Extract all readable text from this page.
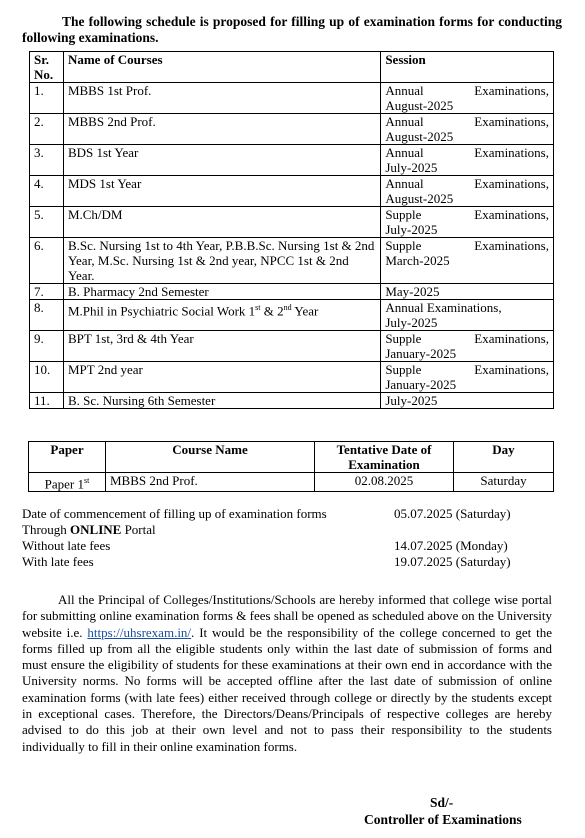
The following schedule is proposed for filling up of examination forms for conducting following examinations.
Sr. No.	Name of Courses	Session
1.	MBBS 1st Prof.	Annual Examinations,
August-2025

2.	MBBS 2nd Prof.	Annual Examinations,
August-2025

3.	BDS 1st Year	Annual Examinations,
July-2025

4.	MDS 1st Year	Annual Examinations,
August-2025

5.	M.Ch/DM	Supple Examinations,
July-2025

6.	B.Sc. Nursing 1st to 4th Year, P.B.B.Sc. Nursing 1st & 2nd Year, M.Sc. Nursing 1st & 2nd year, NPCC 1st & 2nd Year.	Supple Examinations,
March-2025

7.	B. Pharmacy 2nd Semester	May-2025

8.	M.Phil in Psychiatric Social Work 1st & 2nd Year	Annual Examinations,
July-2025

9.	BPT 1st, 3rd & 4th Year	Supple Examinations,
January-2025

10.	MPT 2nd year	Supple Examinations,
January-2025

11.	B. Sc. Nursing 6th Semester	July-2025
Paper	Course Name	Tentative Date of Examination	Day
Paper 1st	MBBS 2nd Prof.	02.08.2025	Saturday
Date of commencement of filling up of examination forms	05.07.2025 (Saturday)
Through ONLINE Portal
Without late fees	14.07.2025 (Monday)
With late fees	19.07.2025 (Saturday)

All the Principal of Colleges/Institutions/Schools are hereby informed that college wise portal for submitting online examination forms & fees shall be opened as scheduled above on the University website i.e. https://uhsrexam.in/. It would be the responsibility of the college concerned to get the forms filled up from all the eligible students only within the last date of submission of forms and must ensure the eligibility of students for these examinations at their own end in accordance with the University norms. No forms will be accepted offline after the last date of submission of online examination forms (with late fees) either received through college or directly by the students except in exceptional cases. Therefore, the Directors/Deans/Principals of respective colleges are hereby advised to do this job at their own level and not to pass their responsibility to the students individually to fill in their online examination forms.

Sd/-
Controller of Examinations
